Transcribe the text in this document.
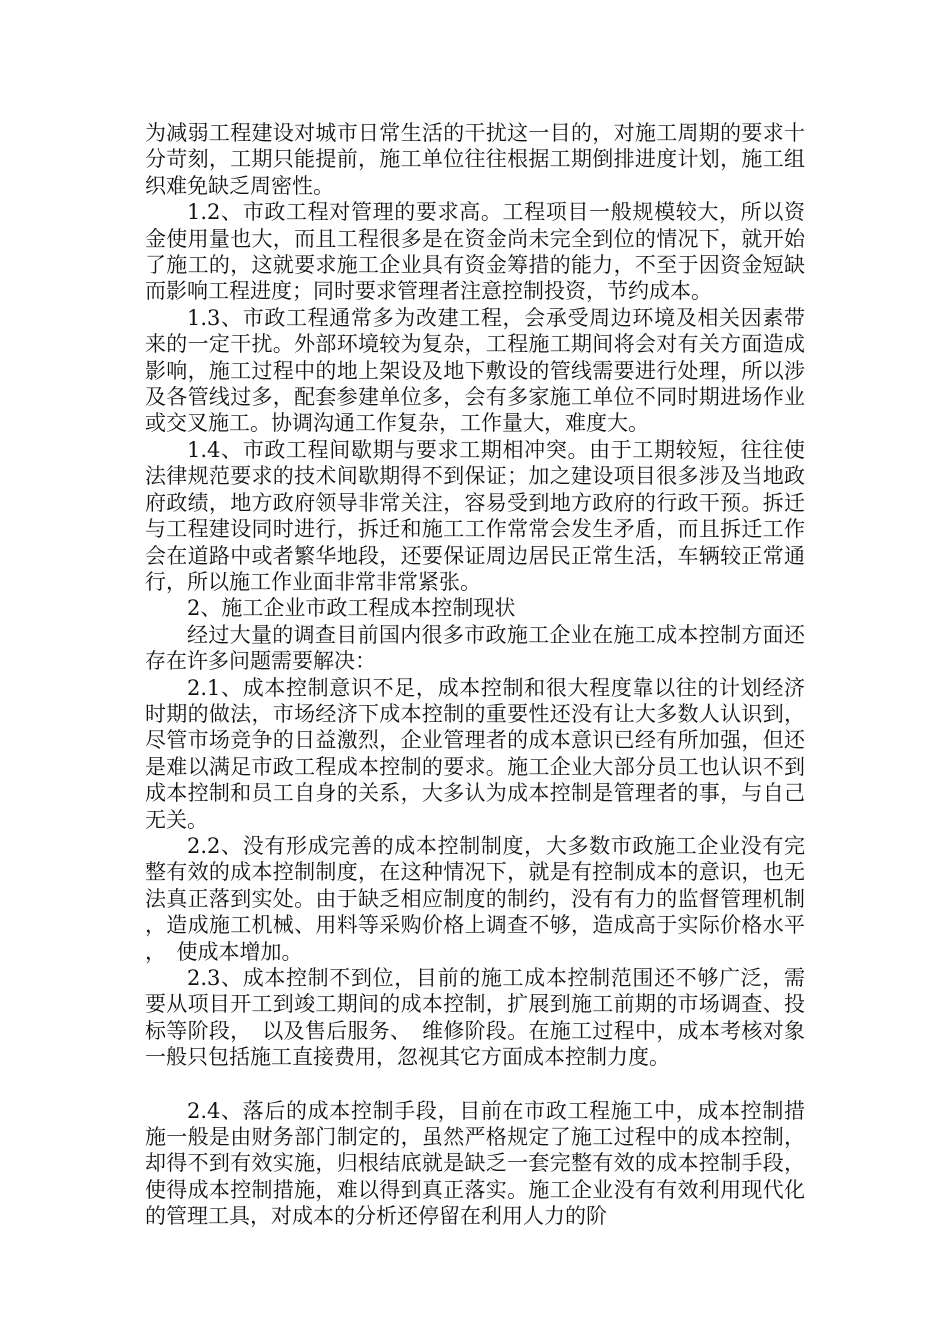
为减弱工程建设对城市日常生活的干扰这一目的，对施工周期的要求十分苛刻，工期只能提前，施工单位往往根据工期倒排进度计划，施工组织难免缺乏周密性。

1.2、市政工程对管理的要求高。工程项目一般规模较大，所以资金使用量也大，而且工程很多是在资金尚未完全到位的情况下，就开始了施工的，这就要求施工企业具有资金筹措的能力，不至于因资金短缺而影响工程进度；同时要求管理者注意控制投资，节约成本。

1.3、市政工程通常多为改建工程，会承受周边环境及相关因素带来的一定干扰。外部环境较为复杂，工程施工期间将会对有关方面造成影响，施工过程中的地上架设及地下敷设的管线需要进行处理，所以涉及各管线过多，配套参建单位多，会有多家施工单位不同时期进场作业或交叉施工。协调沟通工作复杂，工作量大，难度大。

1.4、市政工程间歇期与要求工期相冲突。由于工期较短，往往使法律规范要求的技术间歇期得不到保证；加之建设项目很多涉及当地政府政绩，地方政府领导非常关注，容易受到地方政府的行政干预。拆迁与工程建设同时进行，拆迁和施工工作常常会发生矛盾，而且拆迁工作会在道路中或者繁华地段，还要保证周边居民正常生活，车辆较正常通行，所以施工作业面非常非常紧张。

2、施工企业市政工程成本控制现状

经过大量的调查目前国内很多市政施工企业在施工成本控制方面还存在许多问题需要解决：

2.1、成本控制意识不足，成本控制和很大程度靠以往的计划经济时期的做法，市场经济下成本控制的重要性还没有让大多数人认识到，尽管市场竞争的日益激烈，企业管理者的成本意识已经有所加强，但还是难以满足市政工程成本控制的要求。施工企业大部分员工也认识不到成本控制和员工自身的关系，大多认为成本控制是管理者的事，与自己无关。

2.2、没有形成完善的成本控制制度，大多数市政施工企业没有完整有效的成本控制制度，在这种情况下，就是有控制成本的意识，也无法真正落到实处。由于缺乏相应制度的制约，没有有力的监督管理机制，造成施工机械、用料等采购价格上调查不够，造成高于实际价格水平，　使成本增加。

2.3、成本控制不到位，目前的施工成本控制范围还不够广泛，需要从项目开工到竣工期间的成本控制，扩展到施工前期的市场调查、投标等阶段，　以及售后服务、　维修阶段。在施工过程中，成本考核对象一般只包括施工直接费用，忽视其它方面成本控制力度。

2.4、落后的成本控制手段，目前在市政工程施工中，成本控制措施一般是由财务部门制定的，虽然严格规定了施工过程中的成本控制，却得不到有效实施，归根结底就是缺乏一套完整有效的成本控制手段，使得成本控制措施，难以得到真正落实。施工企业没有有效利用现代化的管理工具，对成本的分析还停留在利用人力的阶
